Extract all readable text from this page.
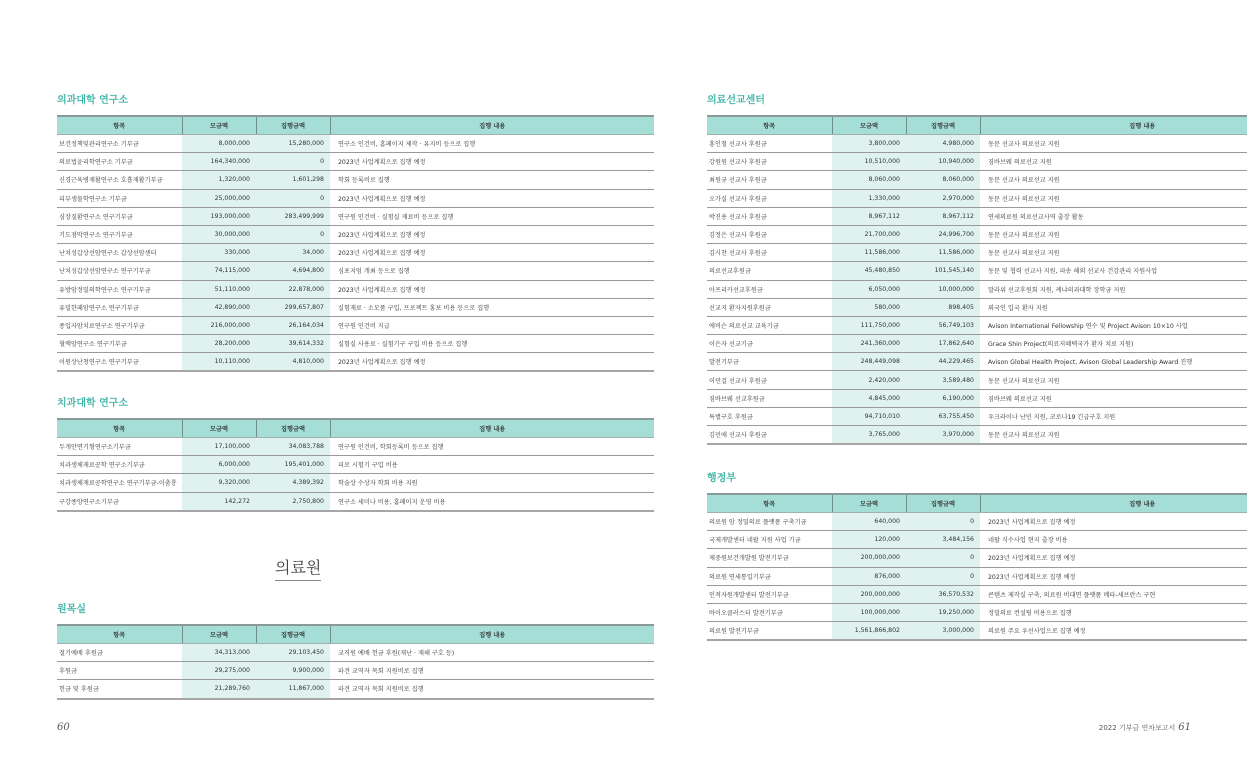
의과대학 연구소
항목	모금액	집행금액	집행 내용
보건정책및관리연구소 기부금	8,000,000	15,280,000	연구소 인건비, 홈페이지 제작 · 유지비 등으로 집행
의료법윤리학연구소 기부금	164,340,000	0	2023년 사업계획으로 집행 예정
신경근육병재활연구소 호흡재활기부금	1,320,000	1,601,298	학회 등록비로 집행
피부생물학연구소 기부금	25,000,000	0	2023년 사업계획으로 집행 예정
심장질환연구소 연구기부금	193,000,000	283,499,999	연구원 인건비 · 실험실 재료비 등으로 집행
기도점막연구소 연구기부금	30,000,000	0	2023년 사업계획으로 집행 예정
난치성갑상선암연구소 갑상선암센터	330,000	34,000	2023년 사업계획으로 집행 예정
난치성갑상선암연구소 연구기부금	74,115,000	4,694,800	심포지엄 개최 등으로 집행
유방암정밀의학연구소 연구기부금	51,110,000	22,878,000	2023년 사업계획으로 집행 예정
유밀한패암연구소 연구기부금	42,890,000	299,657,807	실험재료 · 소모품 구입, 프로젝트 홍보 비용 등으로 집행
종입자암치료연구소 연구기부금	216,000,000	26,164,034	연구원 인건비 지급
혈액암연구소 연구기부금	28,200,000	39,614,332	실험실 사용료 · 실험기구 구입 비용 등으로 집행
이원상난청연구소 연구기부금	10,110,000	4,810,000	2023년 사업계획으로 집행 예정
치과대학 연구소
항목	모금액	집행금액	집행 내용
두개안면기형연구소기부금	17,100,000	34,083,788	연구원 인건비, 학회등록비 등으로 집행
치과생체재료공학 연구소기부금	6,000,000	195,401,000	피로 시험기 구입 비용
치과생체재료공학연구소 연구기부금-이춤룡	9,320,000	4,389,392	학술상 수상자 학회 비용 지원
구강종양연구소기부금	142,272	2,750,800	연구소 세미나 비용, 홈페이지 운영 비용
의료원
원목실
항목	모금액	집행금액	집행 내용
절기예배 후원금	34,313,000	29,103,450	교직원 예배 헌금 후원(재난 · 재해 구호 등)
후원금	29,275,000	9,900,000	파견 교역자 목회 지원비로 집행
헌금 및 후원금	21,289,760	11,867,000	파견 교역자 목회 지원비로 집행
의료선교센터
항목	모금액	집행금액	집행 내용
홍인철 선교사 후원금	3,800,000	4,980,000	동문 선교사 의료선교 지원
강원원 선교사 후원금	10,510,000	10,940,000	짐바브웨 의료선교 지원
최원규 선교사 후원금	8,060,000	8,060,000	동문 선교사 의료선교 지원
오가실 선교사 후원금	1,330,000	2,970,000	동문 선교사 의료선교 지원
박진용 선교사 후원금	8,967,112	8,967,112	연세의료원 의료선교사역 출장 활동
김정은 선교사 후원금	21,700,000	24,996,700	동문 선교사 의료선교 지원
김시찬 선교사 후원금	11,586,000	11,586,000	동문 선교사 의료선교 지원
의료선교후원금	45,480,850	101,545,140	동문 및 협력 선교사 지원, 파송 해외 선교사 건강관리 지원사업
아프리카선교후원금	6,050,000	10,000,000	말라위 선교후원회 지원, 케냐의과대학 장학금 지원
선교지 환자지원후원금	580,000	898,405	외국인 입국 환자 지원
에비슨 의료선교 교육기금	111,750,000	56,749,103	Avison International Fellowship 연수 및 Project Avison 10×10 사업
이은자 선교기금	241,360,000	17,862,640	Grace Shin Project(의료저혜택국가 환자 치료 지원)
발전기부금	248,449,098	44,229,465	Avison Global Health Project, Avison Global Leadership Award 진행
이민걸 선교사 후원금	2,420,000	3,589,480	동문 선교사 의료선교 지원
짐바브웨 선교후원금	4,845,000	6,190,000	짐바브웨 의료선교 지원
특별구호 후원금	94,710,010	63,755,450	우크라이나 난민 지원, 코로나19 긴급구호 지원
김민애 선교사 후원금	3,765,000	3,970,000	동문 선교사 의료선교 지원
행정부
항목	모금액	집행금액	집행 내용
의료원 암 정밀의료 플랫폼 구축기금	640,000	0	2023년 사업계획으로 집행 예정
국제개발센터 네팔 지원 사업 기금	120,000	3,484,156	네팔 식수사업 현지 출장 비용
제중원보건개발원 발전기부금	200,000,000	0	2023년 사업계획으로 집행 예정
의료원 연세통일기부금	876,000	0	2023년 사업계획으로 집행 예정
인적자원개발센터 발전기부금	200,000,000	36,570,532	콘텐츠 제작실 구축, 의료원 비대면 플랫폼 메타-세브란스 구현
바이오클러스터 발전기부금	100,000,000	19,250,000	정밀의료 컨설팅 비용으로 집행
의료원 발전기부금	1,561,866,802	3,000,000	의료원 주요 우선사업으로 집행 예정
60	2022 기부금 연차보고서 61
